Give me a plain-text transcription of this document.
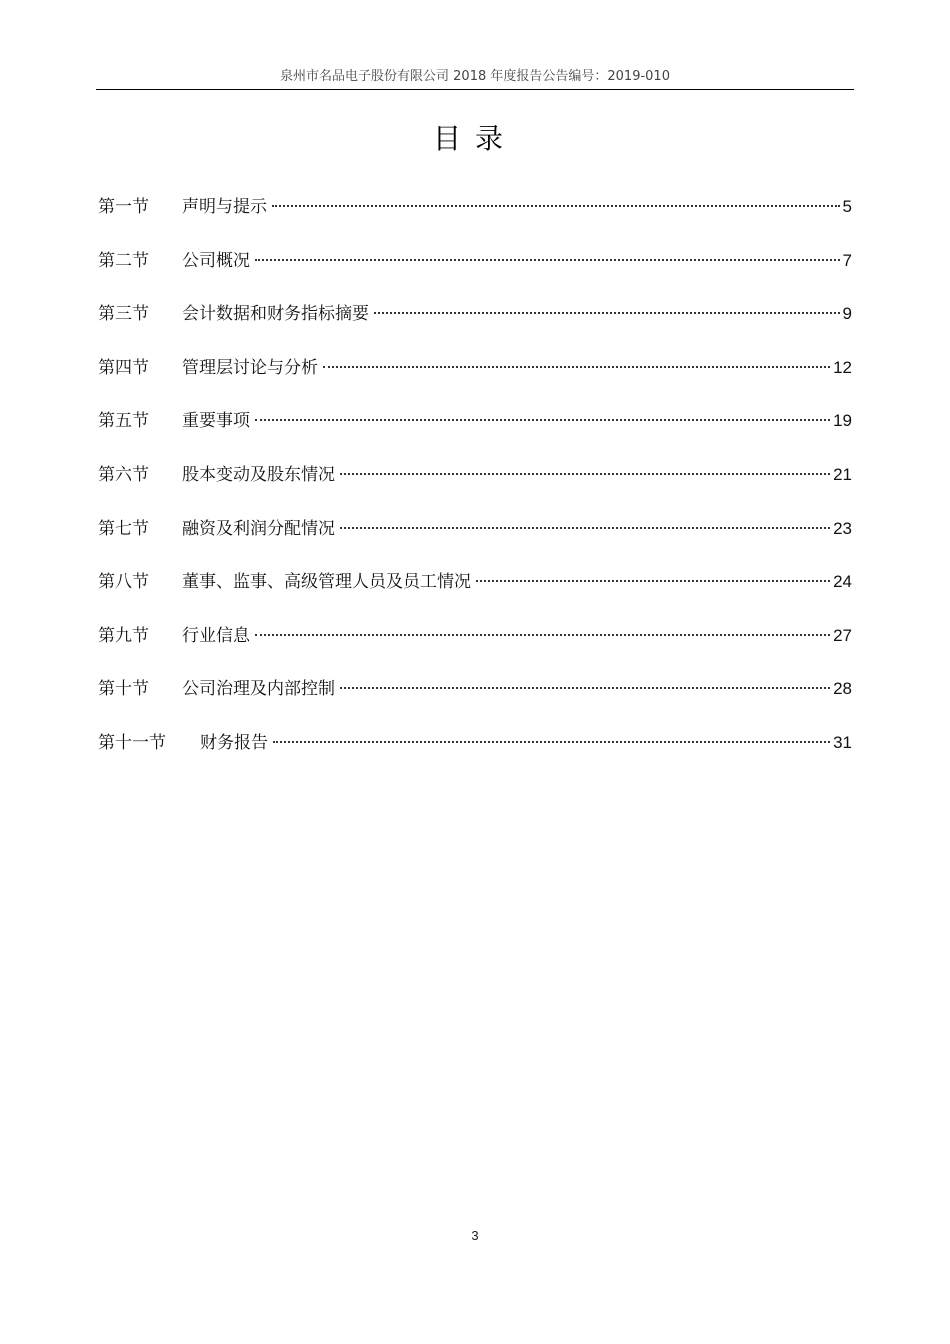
泉州市名品电子股份有限公司 2018 年度报告公告编号：2019-010
目录
第一节	声明与提示	5
第二节	公司概况	7
第三节	会计数据和财务指标摘要	9
第四节	管理层讨论与分析	12
第五节	重要事项	19
第六节	股本变动及股东情况	21
第七节	融资及利润分配情况	23
第八节	董事、监事、高级管理人员及员工情况	24
第九节	行业信息	27
第十节	公司治理及内部控制	28
第十一节	财务报告	31
3
